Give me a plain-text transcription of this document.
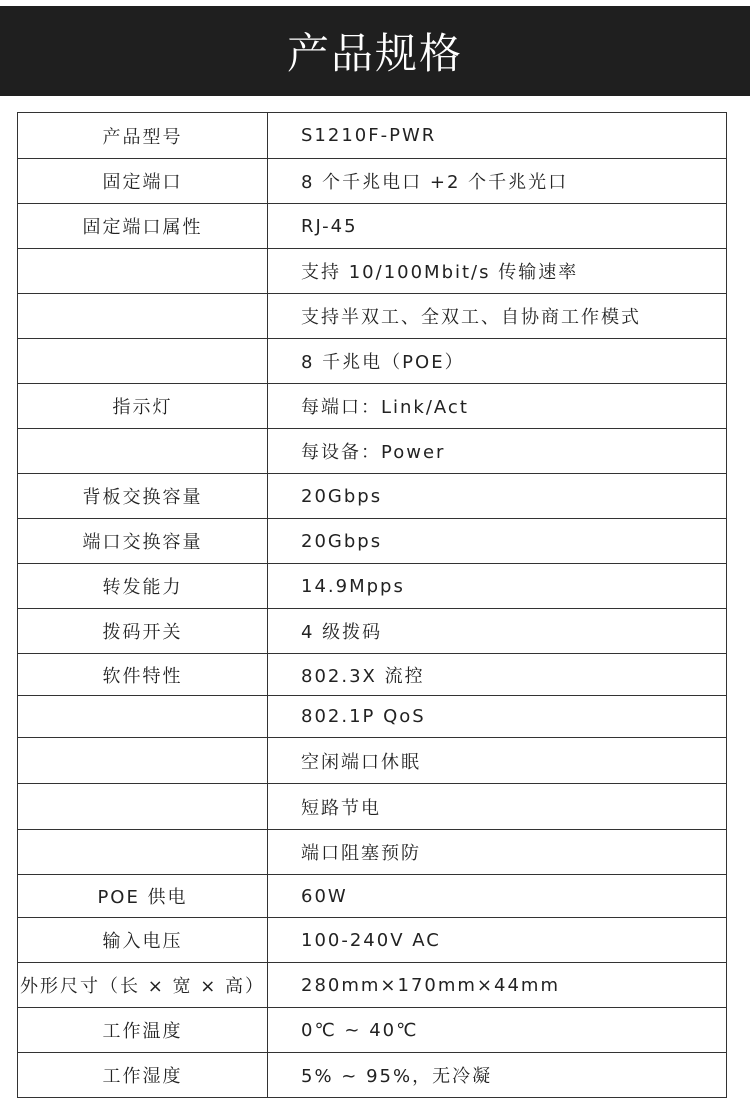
产品规格
产品型号	S1210F-PWR
固定端口	8 个千兆电口 +2 个千兆光口
固定端口属性	RJ-45
	支持 10/100Mbit/s 传输速率
	支持半双工、全双工、自协商工作模式
	8 千兆电（POE）
指示灯	每端口：Link/Act
	每设备：Power
背板交换容量	20Gbps
端口交换容量	20Gbps
转发能力	14.9Mpps
拨码开关	4 级拨码
软件特性	802.3X 流控
	802.1P QoS
	空闲端口休眠
	短路节电
	端口阻塞预防
POE 供电	60W
输入电压	100-240V AC
外形尺寸（长 × 宽 × 高）	280mm×170mm×44mm
工作温度	0℃ ~ 40℃
工作湿度	5% ~ 95%，无冷凝
